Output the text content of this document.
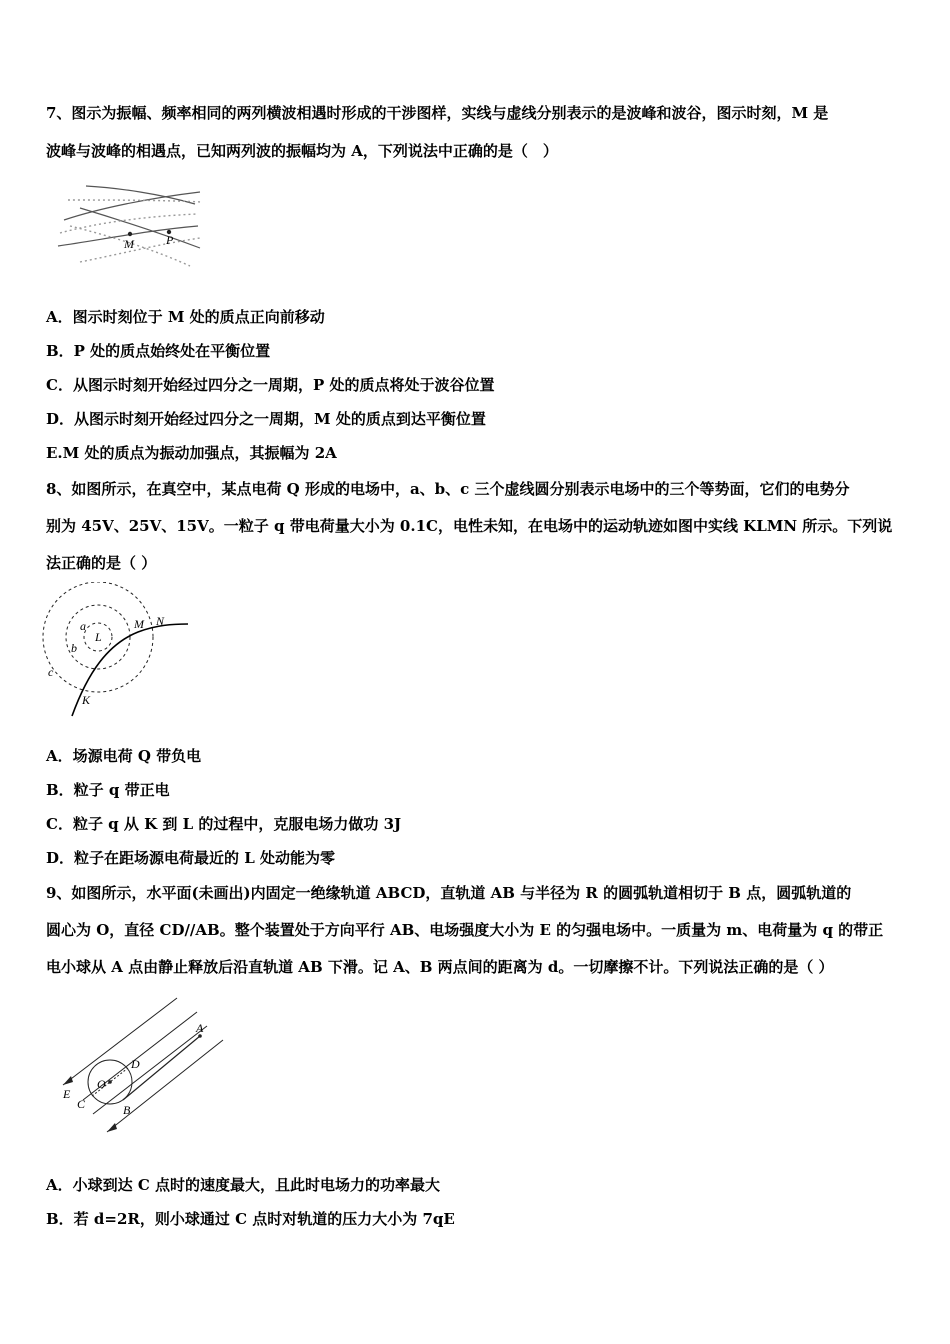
7、图示为振幅、频率相同的两列横波相遇时形成的干涉图样，实线与虚线分别表示的是波峰和波谷，图示时刻，M 是
波峰与波峰的相遇点，已知两列波的振幅均为 A，下列说法中正确的是（　）
M	P
A．图示时刻位于 M 处的质点正向前移动
B．P 处的质点始终处在平衡位置
C．从图示时刻开始经过四分之一周期，P 处的质点将处于波谷位置
D．从图示时刻开始经过四分之一周期，M 处的质点到达平衡位置
E.M 处的质点为振动加强点，其振幅为 2A
8、如图所示，在真空中，某点电荷 Q 形成的电场中，a、b、c 三个虚线圆分别表示电场中的三个等势面，它们的电势分
别为 45V、25V、15V。一粒子 q 带电荷量大小为 0.1C，电性未知，在电场中的运动轨迹如图中实线 KLMN 所示。下列说
法正确的是（ ）
a
L
b
c
M N
K
A．场源电荷 Q 带负电
B．粒子 q 带正电
C．粒子 q 从 K 到 L 的过程中，克服电场力做功 3J
D．粒子在距场源电荷最近的 L 处动能为零
9、如图所示，水平面(未画出)内固定一绝缘轨道 ABCD，直轨道 AB 与半径为 R 的圆弧轨道相切于 B 点，圆弧轨道的
圆心为 O，直径 CD//AB。整个装置处于方向平行 AB、电场强度大小为 E 的匀强电场中。一质量为 m、电荷量为 q 的带正
电小球从 A 点由静止释放后沿直轨道 AB 下滑。记 A、B 两点间的距离为 d。一切摩擦不计。下列说法正确的是（ ）
A
B
C
D
O
E
A．小球到达 C 点时的速度最大，且此时电场力的功率最大
B．若 d=2R，则小球通过 C 点时对轨道的压力大小为 7qE
